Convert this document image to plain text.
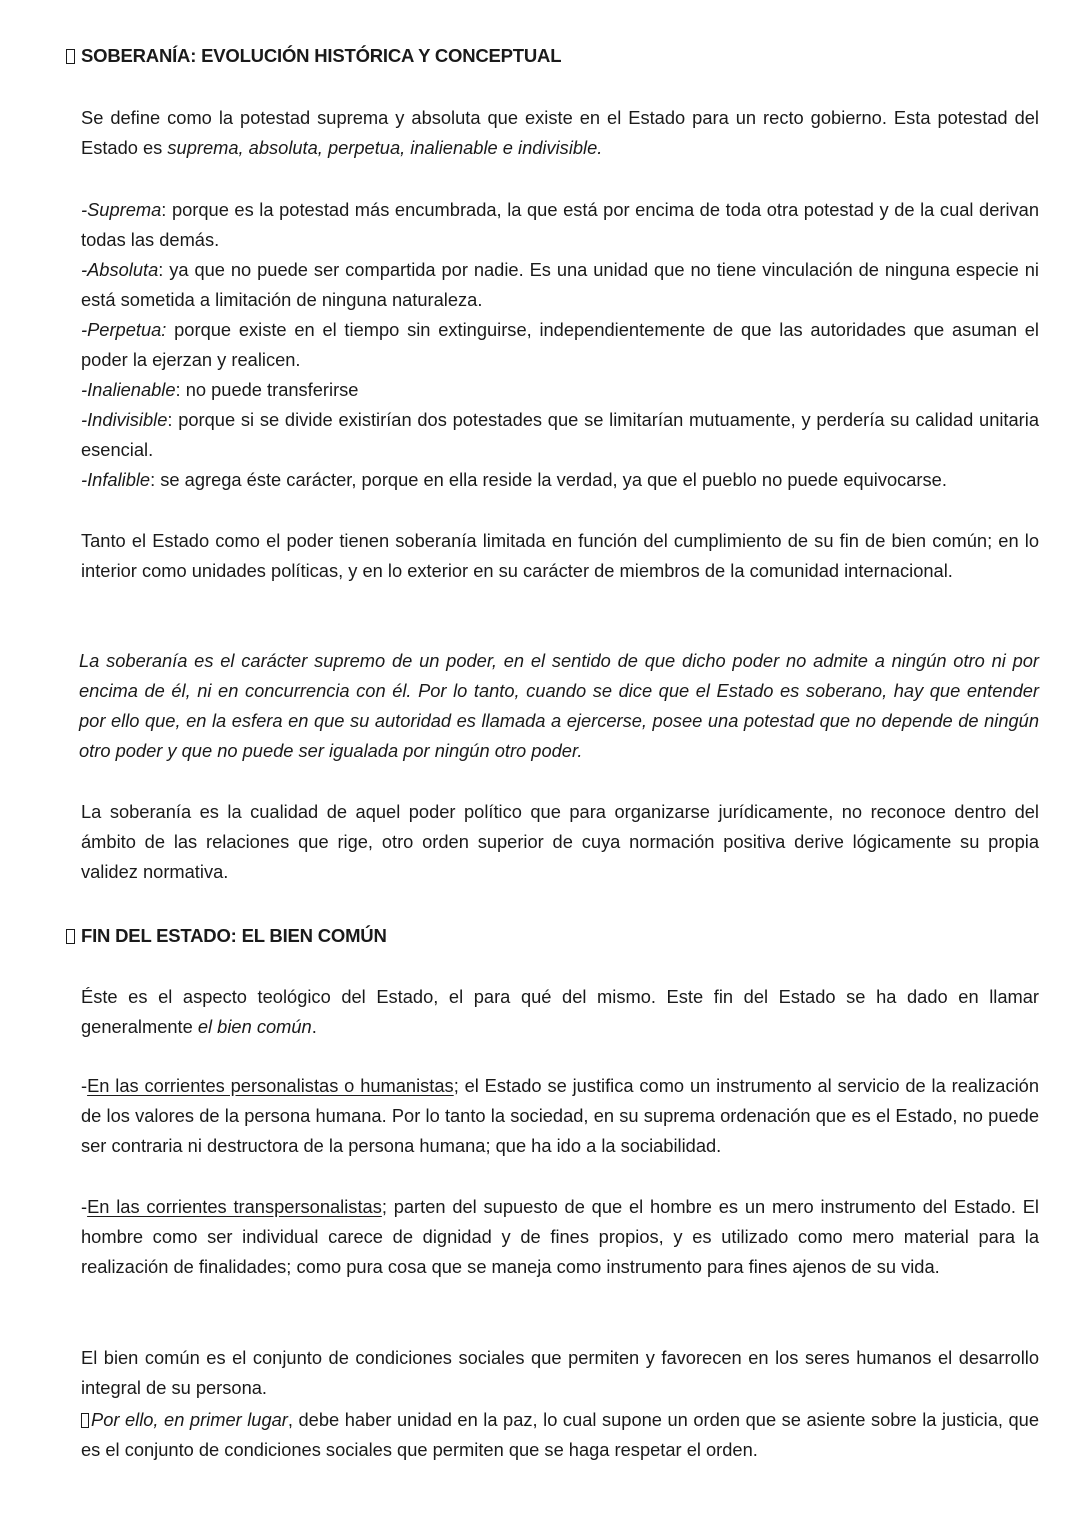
SOBERANÍA: EVOLUCIÓN HISTÓRICA Y CONCEPTUAL
Se define como la potestad suprema y absoluta que existe en el Estado para un recto gobierno. Esta potestad del Estado es suprema, absoluta, perpetua, inalienable e indivisible.
-Suprema: porque es la potestad más encumbrada, la que está por encima de toda otra potestad y de la cual derivan todas las demás.
-Absoluta: ya que no puede ser compartida por nadie. Es una unidad que no tiene vinculación de ninguna especie ni está sometida a limitación de ninguna naturaleza.
-Perpetua: porque existe en el tiempo sin extinguirse, independientemente de que las autoridades que asuman el poder la ejerzan y realicen.
-Inalienable: no puede transferirse
-Indivisible: porque si se divide existirían dos potestades que se limitarían mutuamente, y perdería su calidad unitaria esencial.
-Infalible: se agrega éste carácter, porque en ella reside la verdad, ya que el pueblo no puede equivocarse.
Tanto el Estado como el poder tienen soberanía limitada en función del cumplimiento de su fin de bien común; en lo interior como unidades políticas, y en lo exterior en su carácter de miembros de la comunidad internacional.
La soberanía es el carácter supremo de un poder, en el sentido de que dicho poder no admite a ningún otro ni por encima de él, ni en concurrencia con él. Por lo tanto, cuando se dice que el Estado es soberano, hay que entender por ello que, en la esfera en que su autoridad es llamada a ejercerse, posee una potestad que no depende de ningún otro poder y que no puede ser igualada por ningún otro poder.
La soberanía es la cualidad de aquel poder político que para organizarse jurídicamente, no reconoce dentro del ámbito de las relaciones que rige, otro orden superior de cuya normación positiva derive lógicamente su propia validez normativa.
FIN DEL ESTADO: EL BIEN COMÚN
Éste es el aspecto teológico del Estado, el para qué del mismo. Este fin del Estado se ha dado en llamar generalmente el bien común.
-En las corrientes personalistas o humanistas; el Estado se justifica como un instrumento al servicio de la realización de los valores de la persona humana. Por lo tanto la sociedad, en su suprema ordenación que es el Estado, no puede ser contraria ni destructora de la persona humana; que ha ido a la sociabilidad.
-En las corrientes transpersonalistas; parten del supuesto de que el hombre es un mero instrumento del Estado. El hombre como ser individual carece de dignidad y de fines propios, y es utilizado como mero material para la realización de finalidades; como pura cosa que se maneja como instrumento para fines ajenos de su vida.
El bien común es el conjunto de condiciones sociales que permiten y favorecen en los seres humanos el desarrollo integral de su persona.
Por ello, en primer lugar, debe haber unidad en la paz, lo cual supone un orden que se asiente sobre la justicia, que es el conjunto de condiciones sociales que permiten que se haga respetar el orden.
